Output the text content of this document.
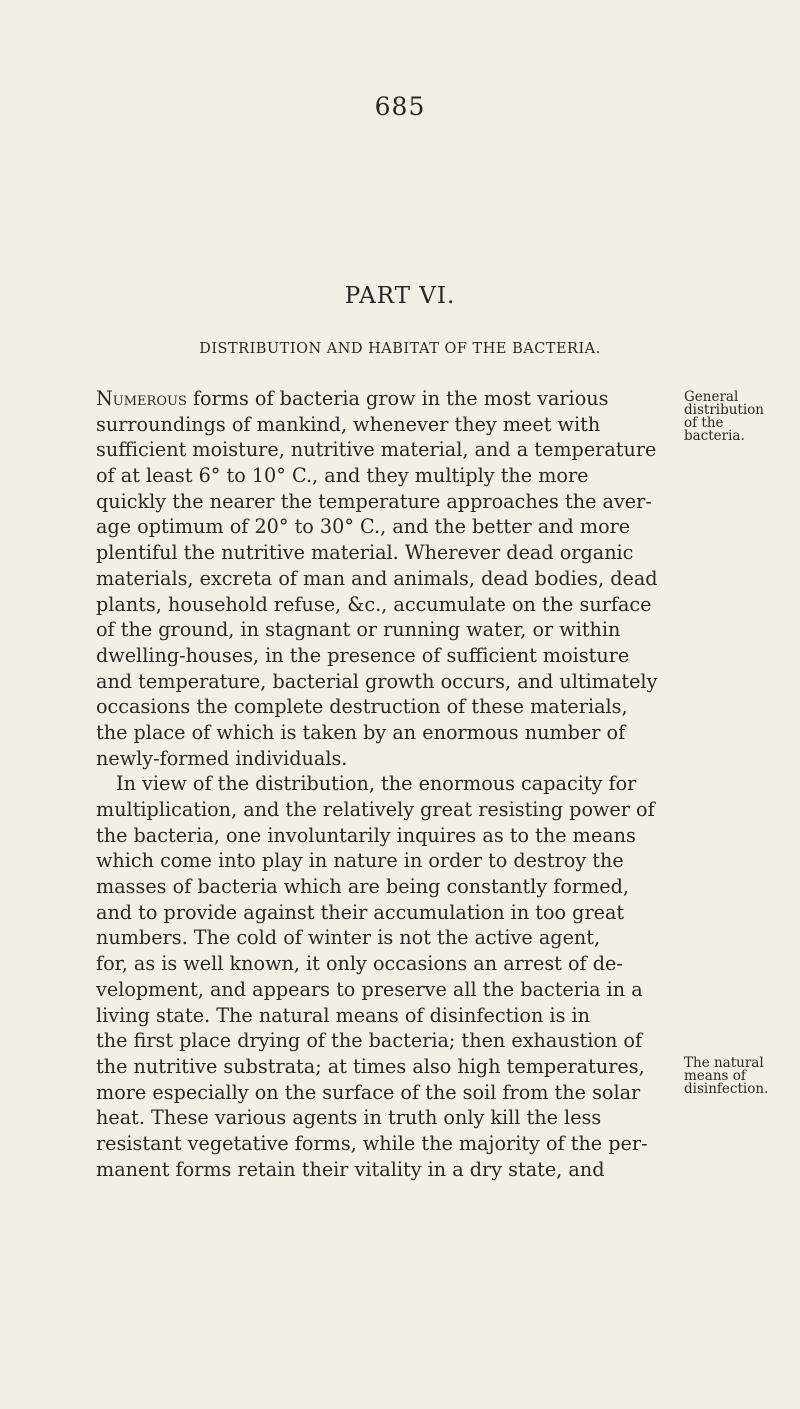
685
PART VI.
DISTRIBUTION AND HABITAT OF THE BACTERIA.
Numerous forms of bacteria grow in the most various
surroundings of mankind, whenever they meet with
sufficient moisture, nutritive material, and a temperature
of at least 6° to 10° C., and they multiply the more
quickly the nearer the temperature approaches the aver-
age optimum of 20° to 30° C., and the better and more
plentiful the nutritive material. Wherever dead organic
materials, excreta of man and animals, dead bodies, dead
plants, household refuse, &c., accumulate on the surface
of the ground, in stagnant or running water, or within
dwelling-houses, in the presence of sufficient moisture
and temperature, bacterial growth occurs, and ultimately
occasions the complete destruction of these materials,
the place of which is taken by an enormous number of
newly-formed individuals.
In view of the distribution, the enormous capacity for
multiplication, and the relatively great resisting power of
the bacteria, one involuntarily inquires as to the means
which come into play in nature in order to destroy the
masses of bacteria which are being constantly formed,
and to provide against their accumulation in too great
numbers. The cold of winter is not the active agent,
for, as is well known, it only occasions an arrest of de-
velopment, and appears to preserve all the bacteria in a
living state. The natural means of disinfection is in
the first place drying of the bacteria; then exhaustion of
the nutritive substrata; at times also high temperatures,
more especially on the surface of the soil from the solar
heat. These various agents in truth only kill the less
resistant vegetative forms, while the majority of the per-
manent forms retain their vitality in a dry state, and
General
distribution
of the
bacteria.
The natural
means of
disinfection.
